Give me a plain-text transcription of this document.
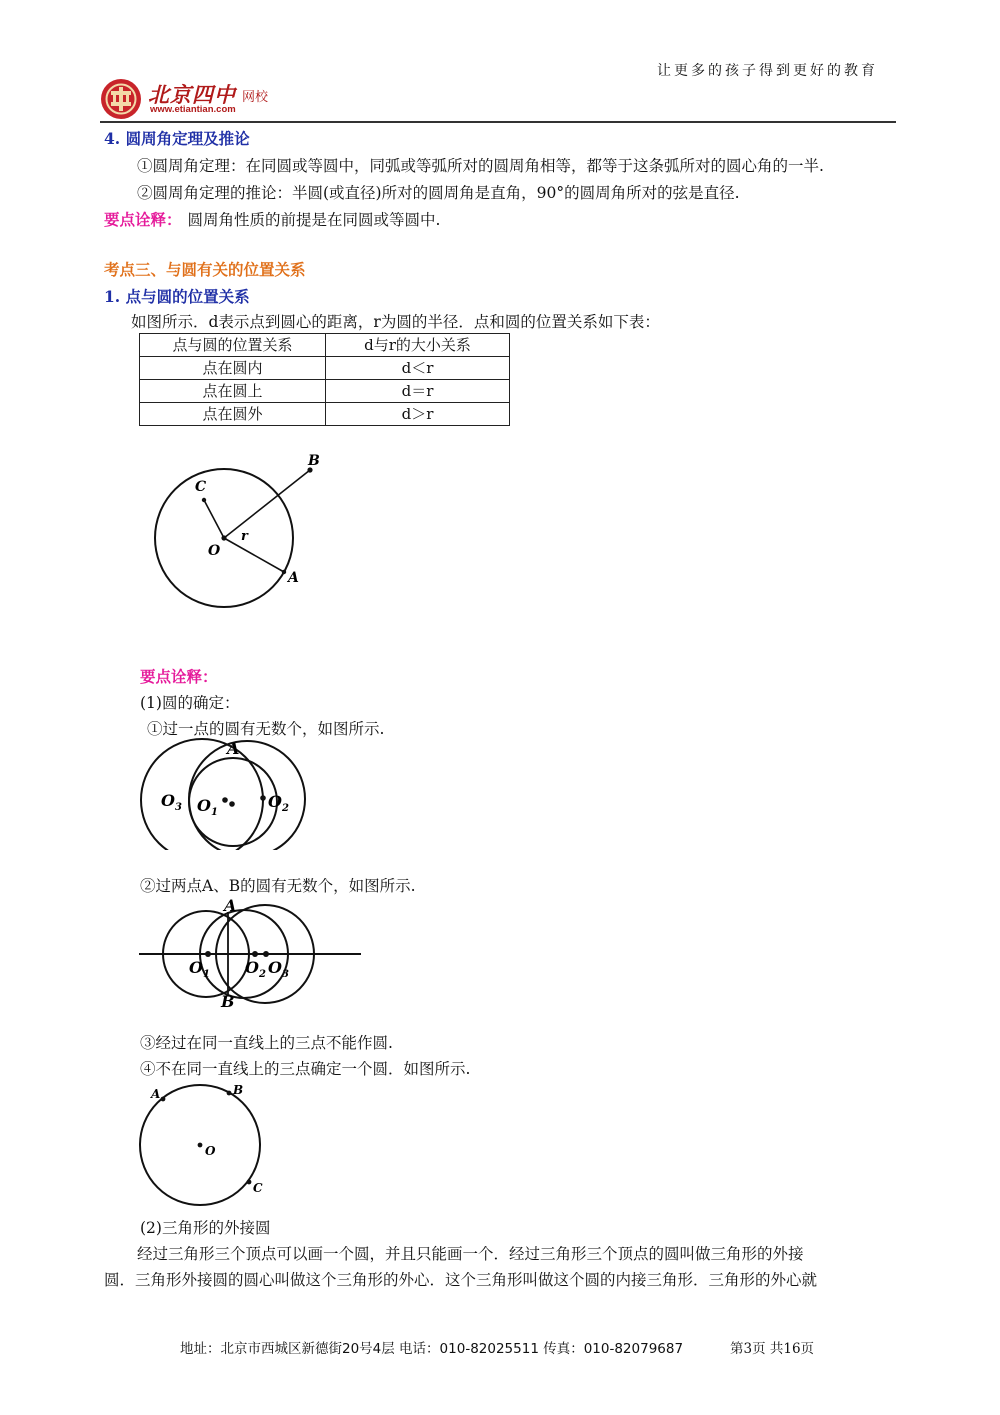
让更多的孩子得到更好的教育
北京四中 网校
www.etiantian.com
4. 圆周角定理及推论
①圆周角定理：在同圆或等圆中，同弧或等弧所对的圆周角相等，都等于这条弧所对的圆心角的一半.
②圆周角定理的推论：半圆(或直径)所对的圆周角是直角，90°的圆周角所对的弦是直径.
要点诠释： 圆周角性质的前提是在同圆或等圆中.
考点三、与圆有关的位置关系
1. 点与圆的位置关系
如图所示．d表示点到圆心的距离，r为圆的半径．点和圆的位置关系如下表：
点与圆的位置关系	d与r的大小关系
点在圆内	d＜r
点在圆上	d＝r
点在圆外	d＞r
B
C
O
r
A
要点诠释：
(1)圆的确定：
①过一点的圆有无数个，如图所示.
A
$O_3$ $O_1$
$O_2$
②过两点A、B的圆有无数个，如图所示.
A
B
$O_1$ $O_2$ $O_3$
③经过在同一直线上的三点不能作圆.
④不在同一直线上的三点确定一个圆．如图所示.
A	B
O
C
(2)三角形的外接圆
经过三角形三个顶点可以画一个圆，并且只能画一个．经过三角形三个顶点的圆叫做三角形的外接
圆．三角形外接圆的圆心叫做这个三角形的外心．这个三角形叫做这个圆的内接三角形．三角形的外心就
地址：北京市西城区新德街20号4层 电话：010-82025511 传真：010-82079687	第3页 共16页
